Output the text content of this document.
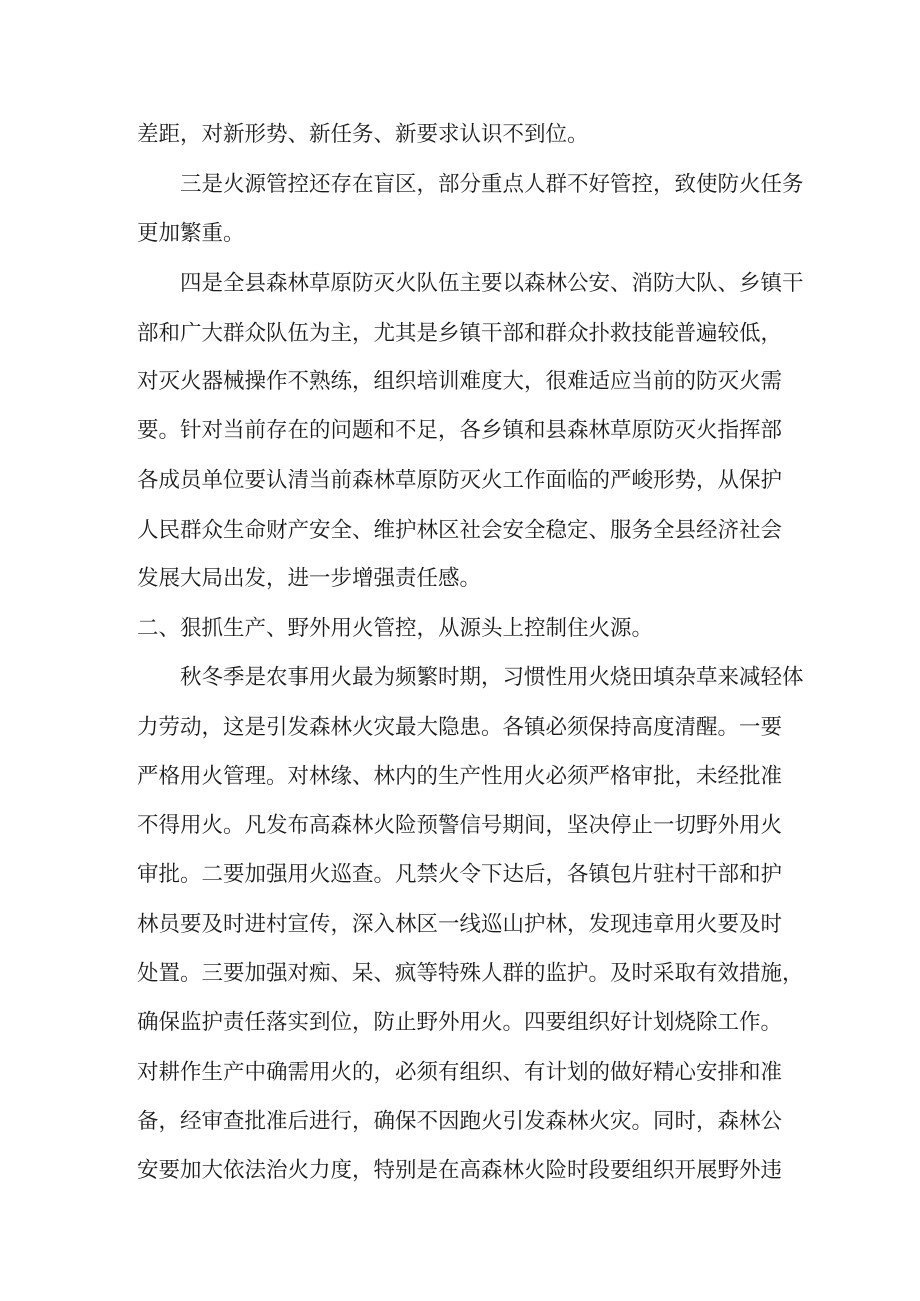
差距，对新形势、新任务、新要求认识不到位。
三是火源管控还存在盲区，部分重点人群不好管控，致使防火任务
更加繁重。
四是全县森林草原防灭火队伍主要以森林公安、消防大队、乡镇干
部和广大群众队伍为主，尤其是乡镇干部和群众扑救技能普遍较低，
对灭火器械操作不熟练，组织培训难度大，很难适应当前的防灭火需
要。针对当前存在的问题和不足，各乡镇和县森林草原防灭火指挥部
各成员单位要认清当前森林草原防灭火工作面临的严峻形势，从保护
人民群众生命财产安全、维护林区社会安全稳定、服务全县经济社会
发展大局出发，进一步增强责任感。
二、狠抓生产、野外用火管控，从源头上控制住火源。
秋冬季是农事用火最为频繁时期，习惯性用火烧田填杂草来减轻体
力劳动，这是引发森林火灾最大隐患。各镇必须保持高度清醒。一要
严格用火管理。对林缘、林内的生产性用火必须严格审批，未经批准
不得用火。凡发布高森林火险预警信号期间，坚决停止一切野外用火
审批。二要加强用火巡查。凡禁火令下达后，各镇包片驻村干部和护
林员要及时进村宣传，深入林区一线巡山护林，发现违章用火要及时
处置。三要加强对痴、呆、疯等特殊人群的监护。及时采取有效措施，
确保监护责任落实到位，防止野外用火。四要组织好计划烧除工作。
对耕作生产中确需用火的，必须有组织、有计划的做好精心安排和准
备，经审查批准后进行，确保不因跑火引发森林火灾。同时，森林公
安要加大依法治火力度，特别是在高森林火险时段要组织开展野外违
